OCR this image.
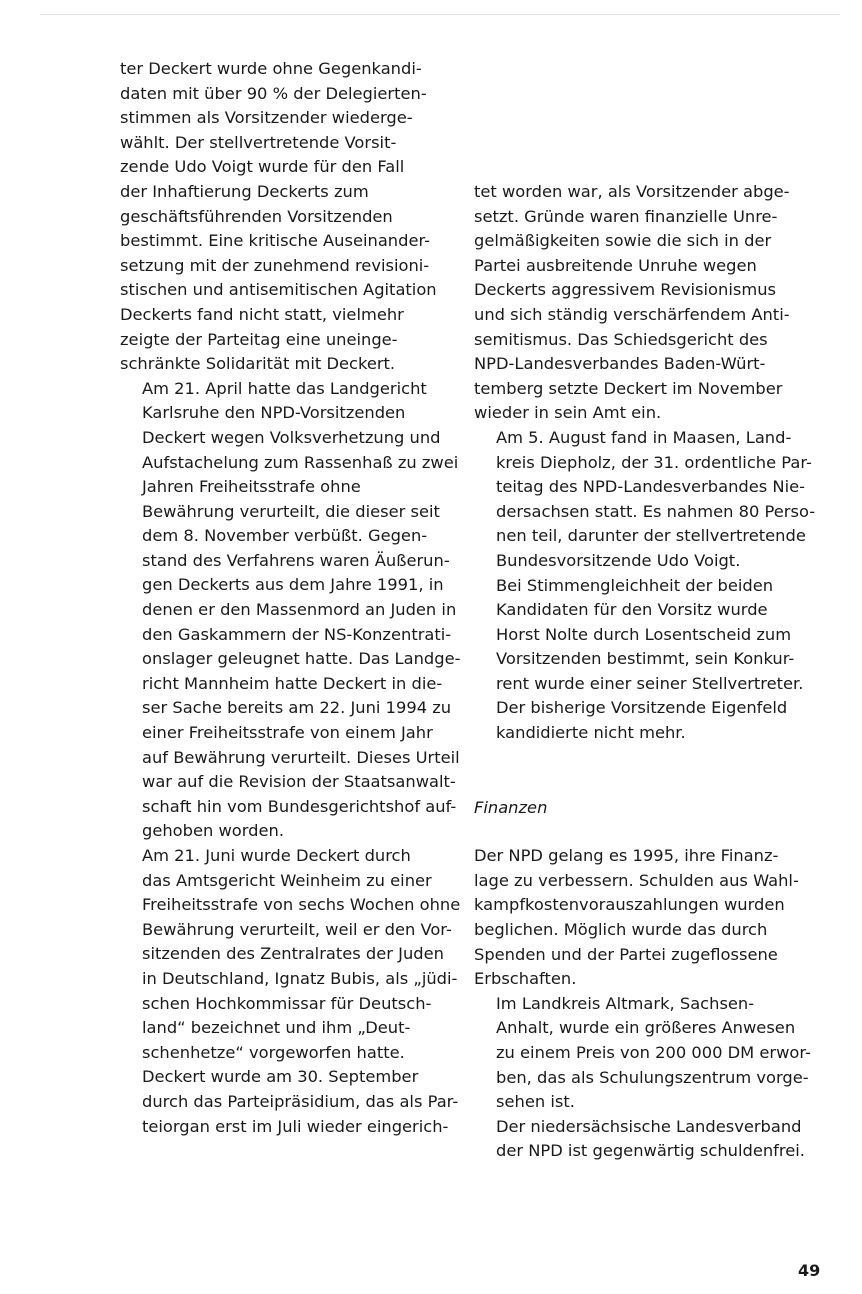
ter Deckert wurde ohne Gegenkandi-
daten mit über 90 % der Delegierten-
stimmen als Vorsitzender wiederge-
wählt. Der stellvertretende Vorsit-
zende Udo Voigt wurde für den Fall
der Inhaftierung Deckerts zum
geschäftsführenden Vorsitzenden
bestimmt. Eine kritische Auseinander-
setzung mit der zunehmend revisioni-
stischen und antisemitischen Agitation
Deckerts fand nicht statt, vielmehr
zeigte der Parteitag eine uneinge-
schränkte Solidarität mit Deckert.

Am 21. April hatte das Landgericht
Karlsruhe den NPD-Vorsitzenden
Deckert wegen Volksverhetzung und
Aufstachelung zum Rassenhaß zu zwei
Jahren Freiheitsstrafe ohne
Bewährung verurteilt, die dieser seit
dem 8. November verbüßt. Gegen-
stand des Verfahrens waren Äußerun-
gen Deckerts aus dem Jahre 1991, in
denen er den Massenmord an Juden in
den Gaskammern der NS-Konzentrati-
onslager geleugnet hatte. Das Landge-
richt Mannheim hatte Deckert in die-
ser Sache bereits am 22. Juni 1994 zu
einer Freiheitsstrafe von einem Jahr
auf Bewährung verurteilt. Dieses Urteil
war auf die Revision der Staatsanwalt-
schaft hin vom Bundesgerichtshof auf-
gehoben worden.

Am 21. Juni wurde Deckert durch
das Amtsgericht Weinheim zu einer
Freiheitsstrafe von sechs Wochen ohne
Bewährung verurteilt, weil er den Vor-
sitzenden des Zentralrates der Juden
in Deutschland, Ignatz Bubis, als „jüdi-
schen Hochkommissar für Deutsch-
land“ bezeichnet und ihm „Deut-
schenhetze“ vorgeworfen hatte.

Deckert wurde am 30. September
durch das Parteipräsidium, das als Par-
teiorgan erst im Juli wieder eingerich-

tet worden war, als Vorsitzender abge-
setzt. Gründe waren finanzielle Unre-
gelmäßigkeiten sowie die sich in der
Partei ausbreitende Unruhe wegen
Deckerts aggressivem Revisionismus
und sich ständig verschärfendem Anti-
semitismus. Das Schiedsgericht des
NPD-Landesverbandes Baden-Würt-
temberg setzte Deckert im November
wieder in sein Amt ein.

Am 5. August fand in Maasen, Land-
kreis Diepholz, der 31. ordentliche Par-
teitag des NPD-Landesverbandes Nie-
dersachsen statt. Es nahmen 80 Perso-
nen teil, darunter der stellvertretende
Bundesvorsitzende Udo Voigt.

Bei Stimmengleichheit der beiden
Kandidaten für den Vorsitz wurde
Horst Nolte durch Losentscheid zum
Vorsitzenden bestimmt, sein Konkur-
rent wurde einer seiner Stellvertreter.
Der bisherige Vorsitzende Eigenfeld
kandidierte nicht mehr.

Finanzen

Der NPD gelang es 1995, ihre Finanz-
lage zu verbessern. Schulden aus Wahl-
kampfkostenvorauszahlungen wurden
beglichen. Möglich wurde das durch
Spenden und der Partei zugeflossene
Erbschaften.

Im Landkreis Altmark, Sachsen-
Anhalt, wurde ein größeres Anwesen
zu einem Preis von 200 000 DM erwor-
ben, das als Schulungszentrum vorge-
sehen ist.

Der niedersächsische Landesverband
der NPD ist gegenwärtig schuldenfrei.

49
